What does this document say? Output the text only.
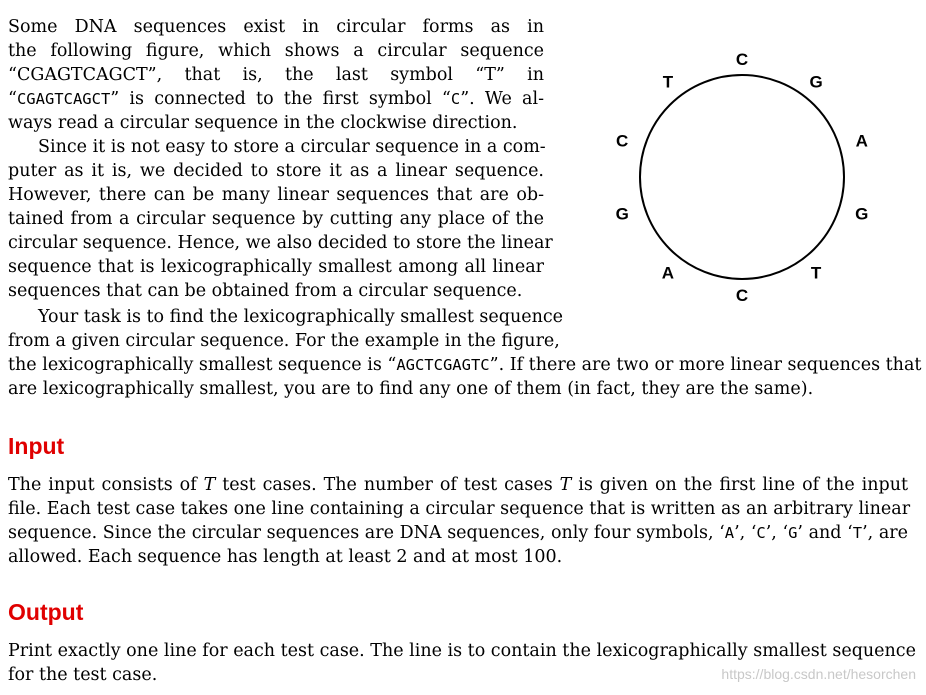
Some DNA sequences exist in circular forms as in
the following figure, which shows a circular sequence
“CGAGTCAGCT”, that is, the last symbol “T” in
“CGAGTCAGCT” is connected to the first symbol “C”. We al-
ways read a circular sequence in the clockwise direction.
Since it is not easy to store a circular sequence in a com-
puter as it is, we decided to store it as a linear sequence.
However, there can be many linear sequences that are ob-
tained from a circular sequence by cutting any place of the
circular sequence. Hence, we also decided to store the linear
sequence that is lexicographically smallest among all linear
sequences that can be obtained from a circular sequence.
Your task is to find the lexicographically smallest sequence
from a given circular sequence. For the example in the figure,
the lexicographically smallest sequence is “AGCTCGAGTC”. If there are two or more linear sequences that
are lexicographically smallest, you are to find any one of them (in fact, they are the same).
C
G
A
G
T
C
A
G
C
T
Input
The input consists of T test cases. The number of test cases T is given on the first line of the input
file. Each test case takes one line containing a circular sequence that is written as an arbitrary linear
sequence. Since the circular sequences are DNA sequences, only four symbols, ‘A’, ‘C’, ‘G’ and ‘T’, are
allowed. Each sequence has length at least 2 and at most 100.
Output
Print exactly one line for each test case. The line is to contain the lexicographically smallest sequence
for the test case.	https://blog.csdn.net/hesorchen
